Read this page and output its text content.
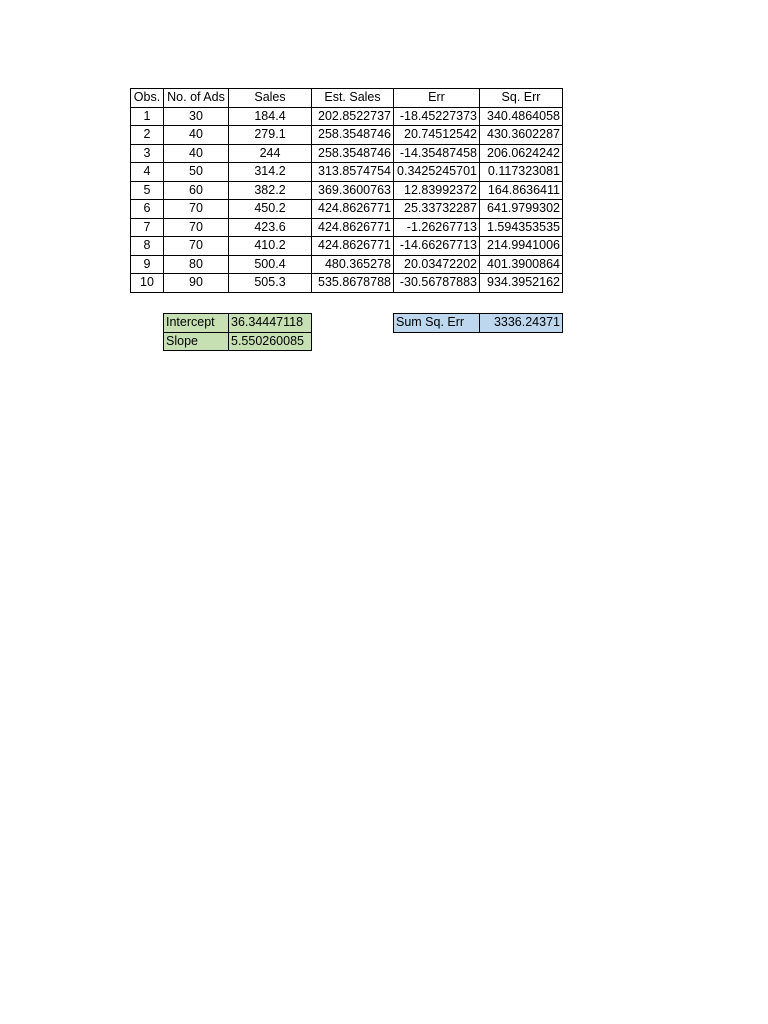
Obs.	No. of Ads	Sales	Est. Sales	Err	Sq. Err
1	30	184.4	202.8522737	-18.45227373	340.4864058
2	40	279.1	258.3548746	20.74512542	430.3602287
3	40	244	258.3548746	-14.35487458	206.0624242
4	50	314.2	313.8574754	0.3425245701	0.117323081
5	60	382.2	369.3600763	12.83992372	164.8636411
6	70	450.2	424.8626771	25.33732287	641.9799302
7	70	423.6	424.8626771	-1.26267713	1.594353535
8	70	410.2	424.8626771	-14.66267713	214.9941006
9	80	500.4	480.365278	20.03472202	401.3900864
10	90	505.3	535.8678788	-30.56787883	934.3952162
Intercept	36.34447118
Slope	5.550260085
Sum Sq. Err	3336.24371
